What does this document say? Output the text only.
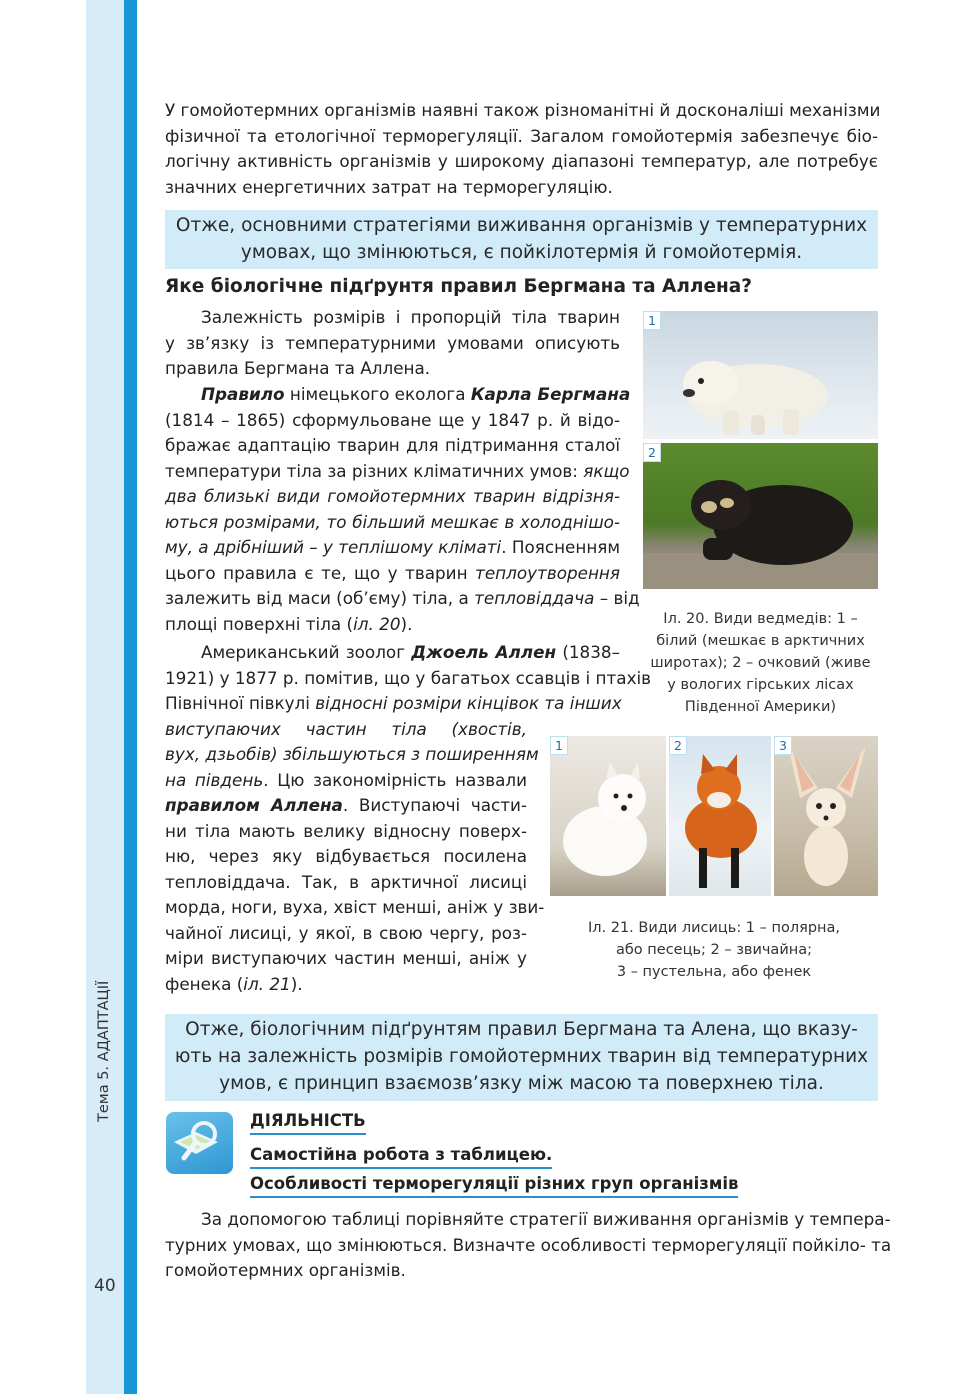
Тема 5. АДАПТАЦІЇ
40
У гомойотермних організмів наявні також різноманітні й досконаліші механізми
фізичної та етологічної терморегуляції. Загалом гомойотермія забезпечує біо-
логічну активність організмів у широкому діапазоні температур, але потребує
значних енергетичних затрат на терморегуляцію.
Отже, основними стратегіями виживання організмів у температурних
умовах, що змінюються, є пойкілотермія й гомойотермія.
Яке біологічне підґрунтя правил Бергмана та Аллена?
Залежність розмірів і пропорцій тіла тварин
у зв’язку із температурними умовами описують
правила Бергмана та Аллена.
Правило німецького еколога Карла Бергмана
(1814 – 1865) сформульоване ще у 1847 р. й відо-
бражає адаптацію тварин для підтримання сталої
температури тіла за різних кліматичних умов: якщо
два близькі види гомойотермних тварин відрізня-
ються розмірами, то більший мешкає в холоднішо-
му, а дрібніший – у теплішому кліматі. Поясненням
цього правила є те, що у тварин теплоутворення
залежить від маси (об’єму) тіла, а тепловіддача – від
площі поверхні тіла (іл. 20).
Американський зоолог Джоель Аллен (1838–
1921) у 1877 р. помітив, що у багатьох ссавців і птахів
Північної півкулі відносні розміри кінцівок та інших
виступаючих частин тіла (хвостів,
вух, дзьобів) збільшуються з поширенням
на південь. Цю закономірність назвали
правилом Аллена. Виступаючі части-
ни тіла мають велику відносну поверх-
ню, через яку відбувається посилена
тепловіддача. Так, в арктичної лисиці
морда, ноги, вуха, хвіст менші, аніж у зви-
чайної лисиці, у якої, в свою чергу, роз-
міри виступаючих частин менші, аніж у
фенека (іл. 21).
1
2
Іл. 20. Види ведмедів: 1 –
білий (мешкає в арктичних
широтах); 2 – очковий (живе
у вологих гірських лісах
Південної Америки)
1	2	3
Іл. 21. Види лисиць: 1 – полярна,
або песець; 2 – звичайна;
3 – пустельна, або фенек
Отже, біологічним підґрунтям правил Бергмана та Алена, що вказу-
ють на залежність розмірів гомойотермних тварин від температурних
умов, є принцип взаємозв’язку між масою та поверхнею тіла.
ДІЯЛЬНІСТЬ
Самостійна робота з таблицею.
Особливості терморегуляції різних груп організмів
За допомогою таблиці порівняйте стратегії виживання організмів у темпера-
турних умовах, що змінюються. Визначте особливості терморегуляції пойкіло- та
гомойотермних організмів.
